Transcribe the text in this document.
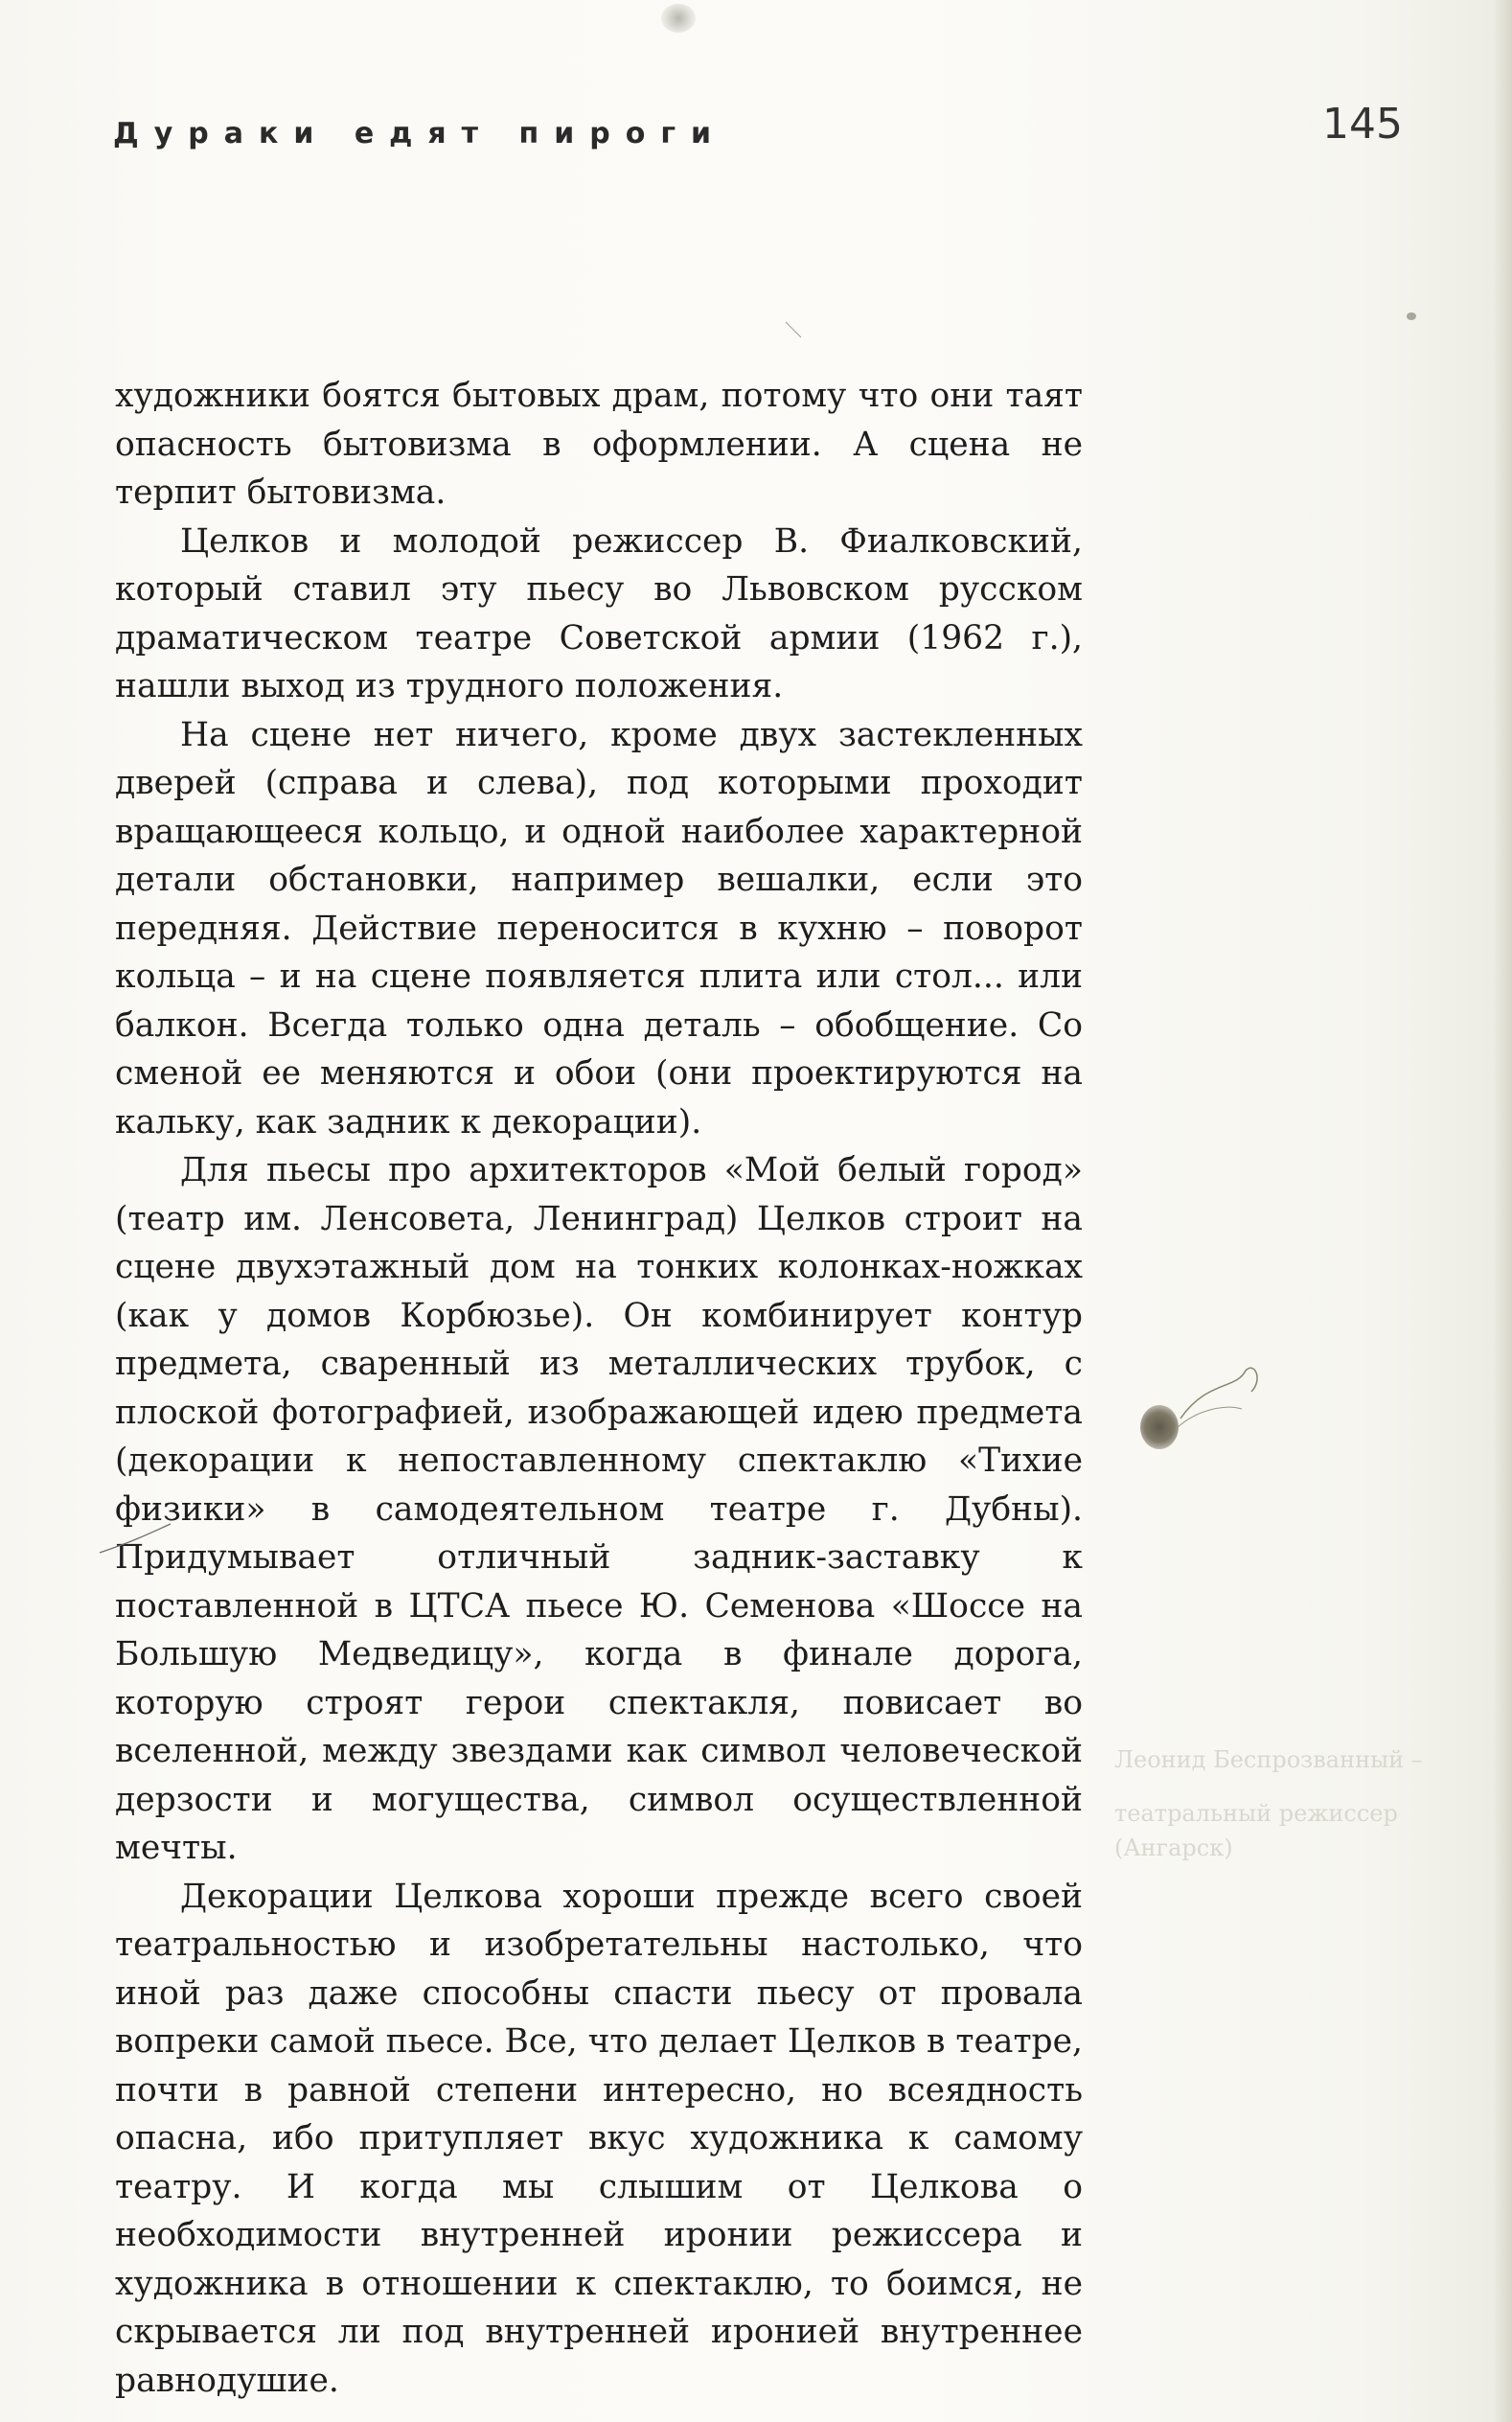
Дураки едят пироги	145

художники боятся бытовых драм, потому что они таят опасность бытовизма в оформлении. А сцена не терпит бытовизма.

Целков и молодой режиссер В. Фиалковский, который ставил эту пьесу во Львовском русском драматическом театре Советской армии (1962 г.), нашли выход из трудного положения.

На сцене нет ничего, кроме двух застекленных дверей (справа и слева), под которыми проходит вращающееся кольцо, и одной наиболее характерной детали обстановки, например вешалки, если это передняя. Действие переносится в кухню – поворот кольца – и на сцене появляется плита или стол... или балкон. Всегда только одна деталь – обобщение. Со сменой ее меняются и обои (они проектируются на кальку, как задник к декорации).

Для пьесы про архитекторов «Мой белый город» (театр им. Ленсовета, Ленинград) Целков строит на сцене двухэтажный дом на тонких колонках-ножках (как у домов Корбюзье). Он комбинирует контур предмета, сваренный из металлических трубок, с плоской фотографией, изображающей идею предмета (декорации к непоставленному спектаклю «Тихие физики» в самодеятельном театре г. Дубны). Придумывает отличный задник-заставку к поставленной в ЦТСА пьесе Ю. Семенова «Шоссе на Большую Медведицу», когда в финале дорога, которую строят герои спектакля, повисает во вселенной, между звездами как символ человеческой дерзости и могущества, символ осуществленной мечты.

Декорации Целкова хороши прежде всего своей театральностью и изобретательны настолько, что иной раз даже способны спасти пьесу от провала вопреки самой пьесе. Все, что делает Целков в театре, почти в равной степени интересно, но всеядность опасна, ибо притупляет вкус художника к самому театру. И когда мы слышим от Целкова о необходимости внутренней иронии режиссера и художника в отношении к спектаклю, то боимся, не скрывается ли под внутренней иронией внутреннее равнодушие.

Леонид Беспрозванный –
театральный режиссер (Ангарск)
